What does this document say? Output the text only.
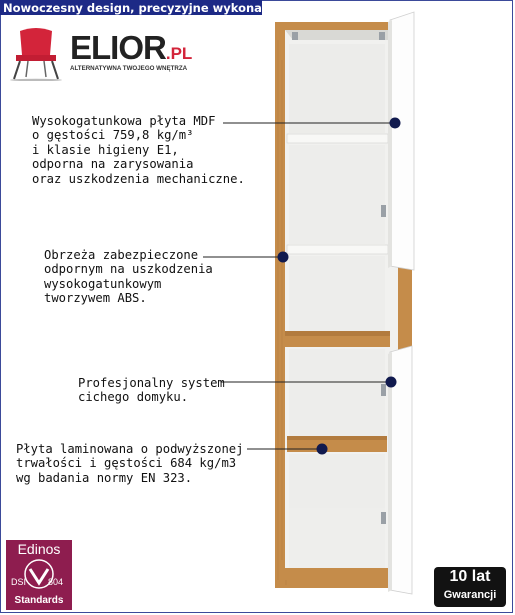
Nowoczesny design, precyzyjne wykonanie!
ELIOR.PL
ALTERNATYWNA TWOJEGO WNĘTRZA
Wysokogatunkowa płyta MDF
o gęstości 759,8 kg/m³
i klasie higieny E1,
odporna na zarysowania
oraz uszkodzenia mechaniczne.
Obrzeża zabezpieczone
odpornym na uszkodzenia
wysokogatunkowym
tworzywem ABS.
Profesjonalny system
cichego domyku.
Płyta laminowana o podwyższonej
trwałości i gęstości 684 kg/m3
wg badania normy EN 323.
Edinos
DSI 804
Standards
10 lat
Gwarancji
